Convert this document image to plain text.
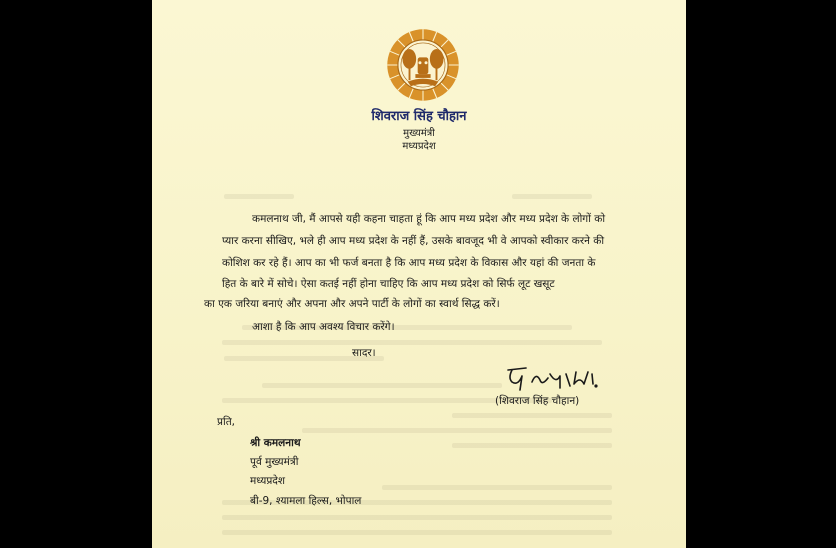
शिवराज सिंह चौहान
मुख्यमंत्री
मध्यप्रदेश
कमलनाथ जी, मैं आपसे यही कहना चाहता हूं कि आप मध्य प्रदेश और मध्य प्रदेश के लोगों को
प्यार करना सीखिए, भले ही आप मध्य प्रदेश के नहीं हैं, उसके बावजूद भी वे आपको स्वीकार करने की
कोशिश कर रहे हैं। आप का भी फर्ज बनता है कि आप मध्य प्रदेश के विकास और यहां की जनता के
हित के बारे में सोचे। ऐसा कतई नहीं होना चाहिए कि आप मध्य प्रदेश को सिर्फ लूट खसूट
का एक जरिया बनाएं और अपना और अपने पार्टी के लोगों का स्वार्थ सिद्ध करें।
आशा है कि आप अवश्य विचार करेंगे।
सादर।
(शिवराज सिंह चौहान)
प्रति,
श्री कमलनाथ
पूर्व मुख्यमंत्री
मध्यप्रदेश
बी-9, श्यामला हिल्स, भोपाल
